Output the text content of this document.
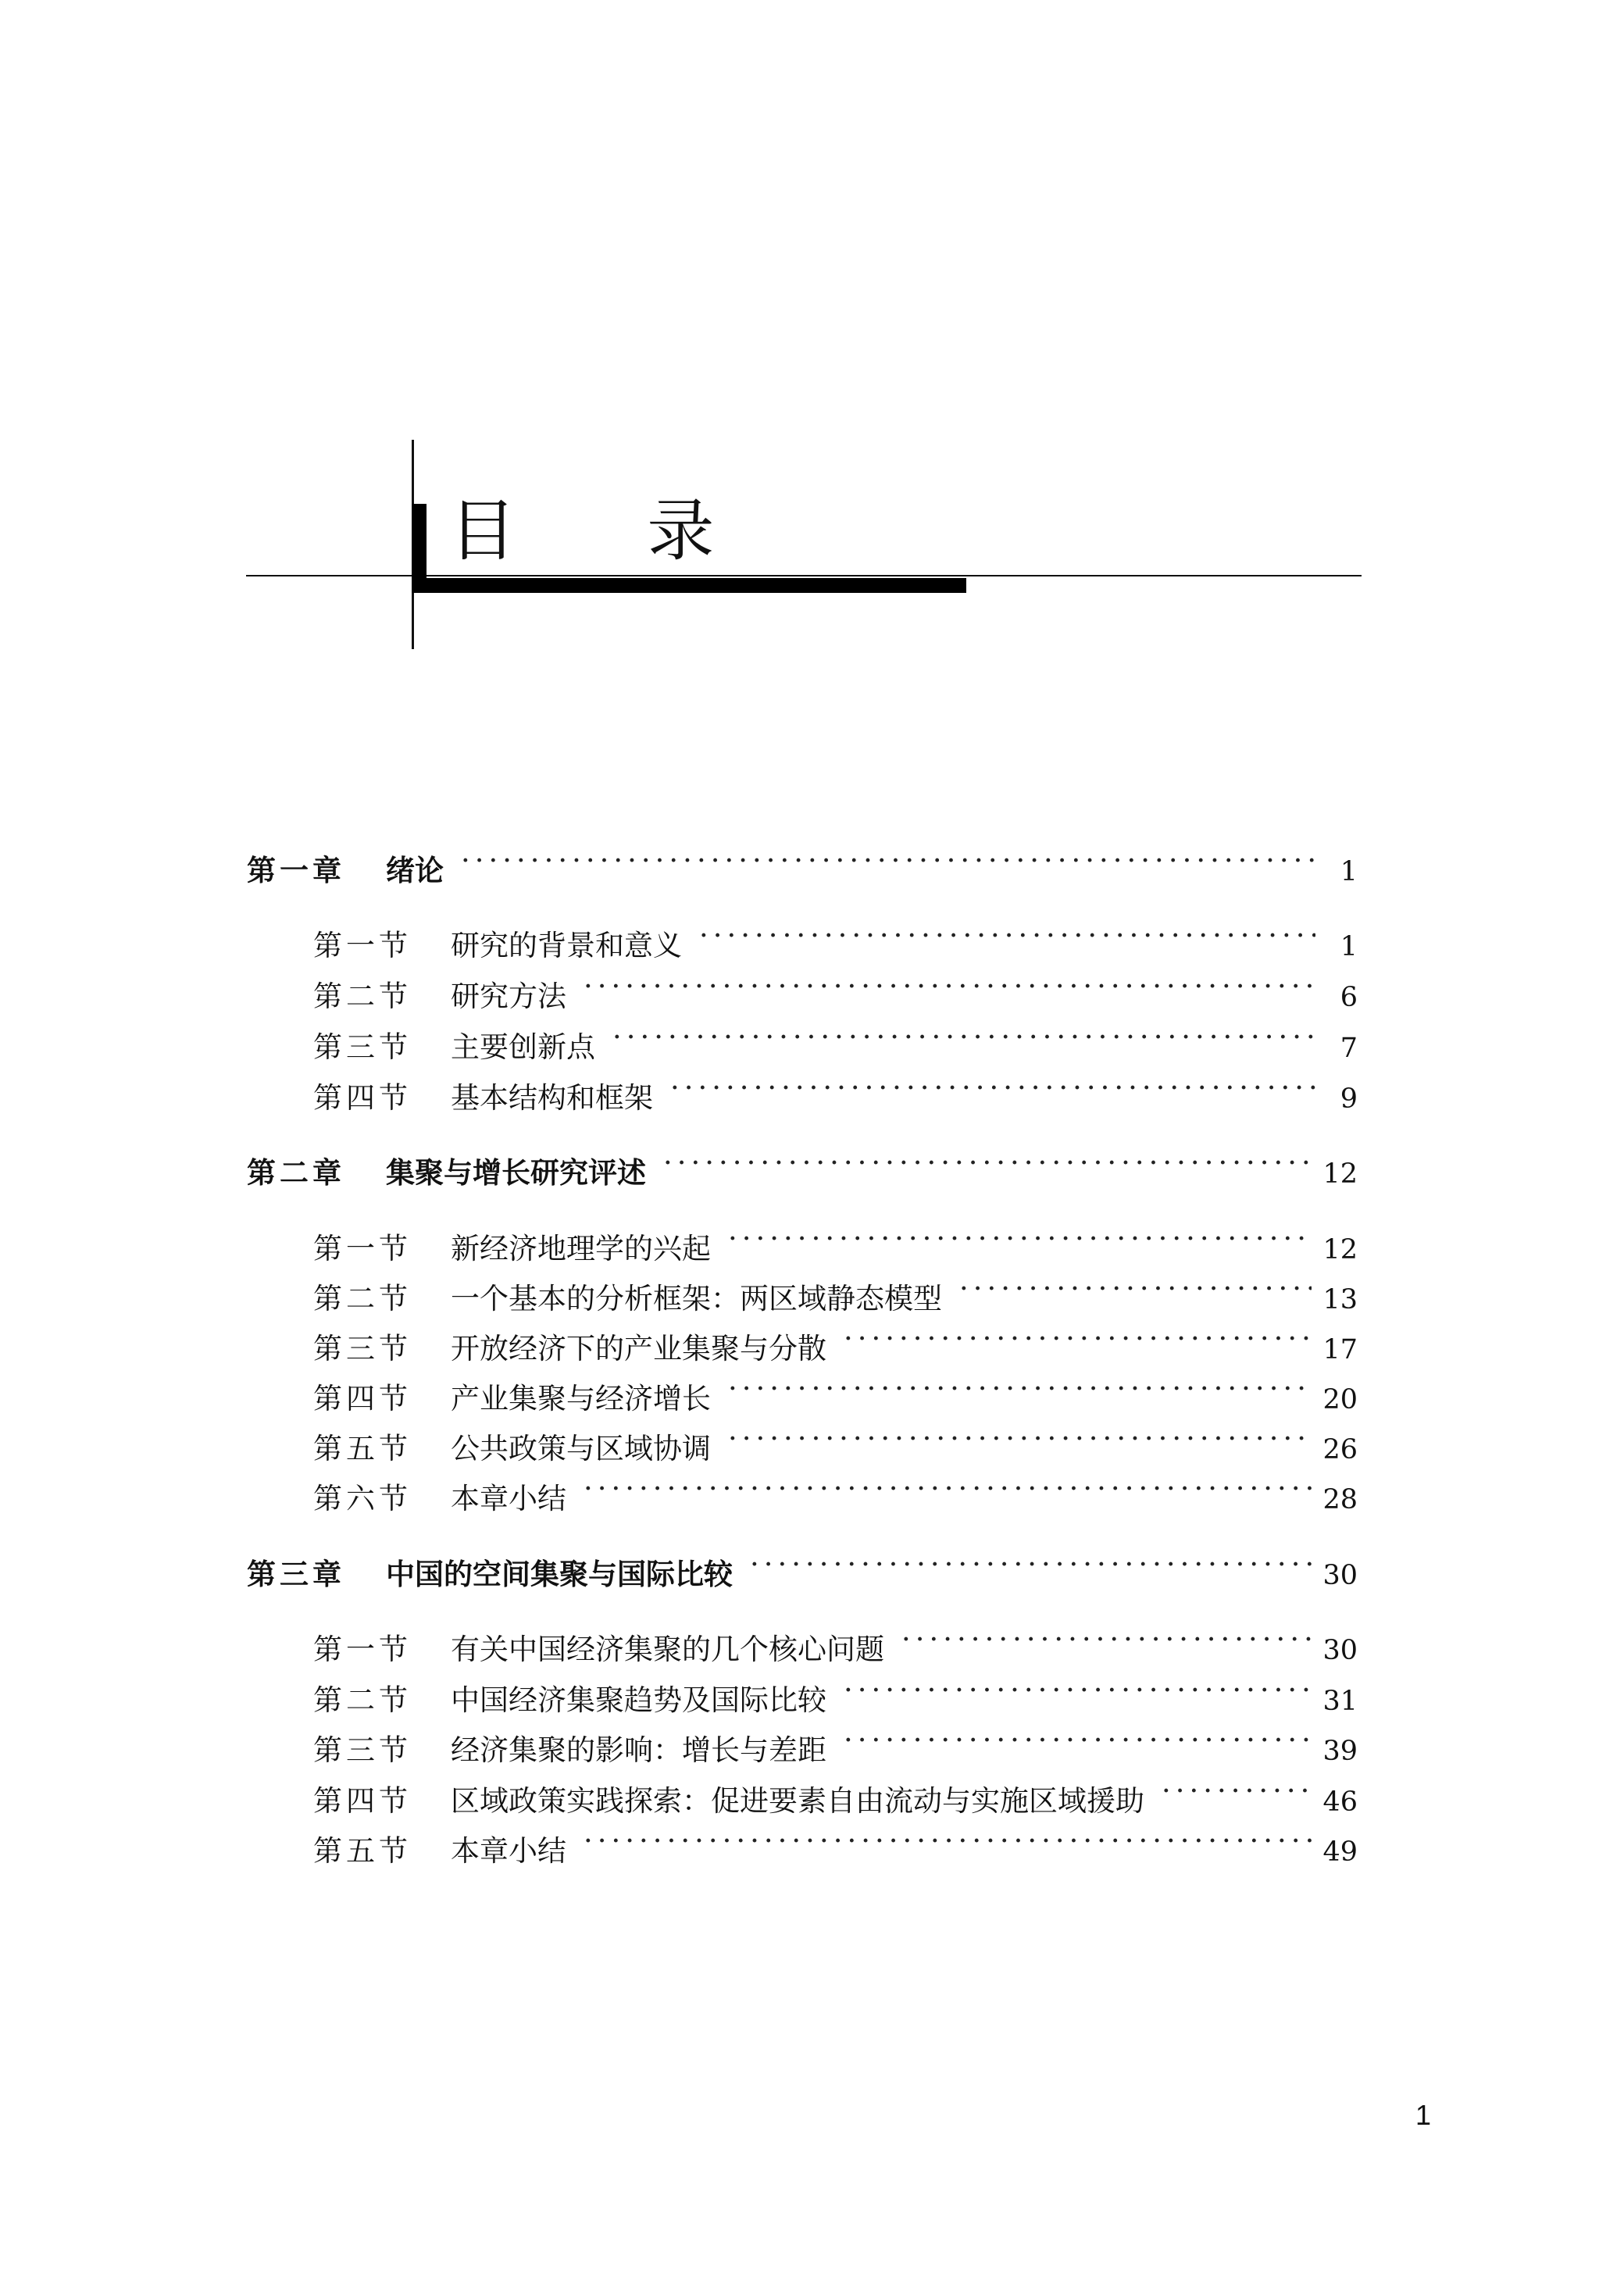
目 录
第一章	绪论 ·····	1
第一节	研究的背景和意义 ·····	1
第二节	研究方法 ·····	6
第三节	主要创新点 ·····	7
第四节	基本结构和框架 ·····	9
第二章	集聚与增长研究评述 ·····	12
第一节	新经济地理学的兴起 ·····	12
第二节	一个基本的分析框架：两区域静态模型 ·····	13
第三节	开放经济下的产业集聚与分散 ·····	17
第四节	产业集聚与经济增长 ·····	20
第五节	公共政策与区域协调 ·····	26
第六节	本章小结 ·····	28
第三章	中国的空间集聚与国际比较 ·····	30
第一节	有关中国经济集聚的几个核心问题 ·····	30
第二节	中国经济集聚趋势及国际比较 ·····	31
第三节	经济集聚的影响：增长与差距 ·····	39
第四节	区域政策实践探索：促进要素自由流动与实施区域援助 ·····	46
第五节	本章小结 ·····	49
1
